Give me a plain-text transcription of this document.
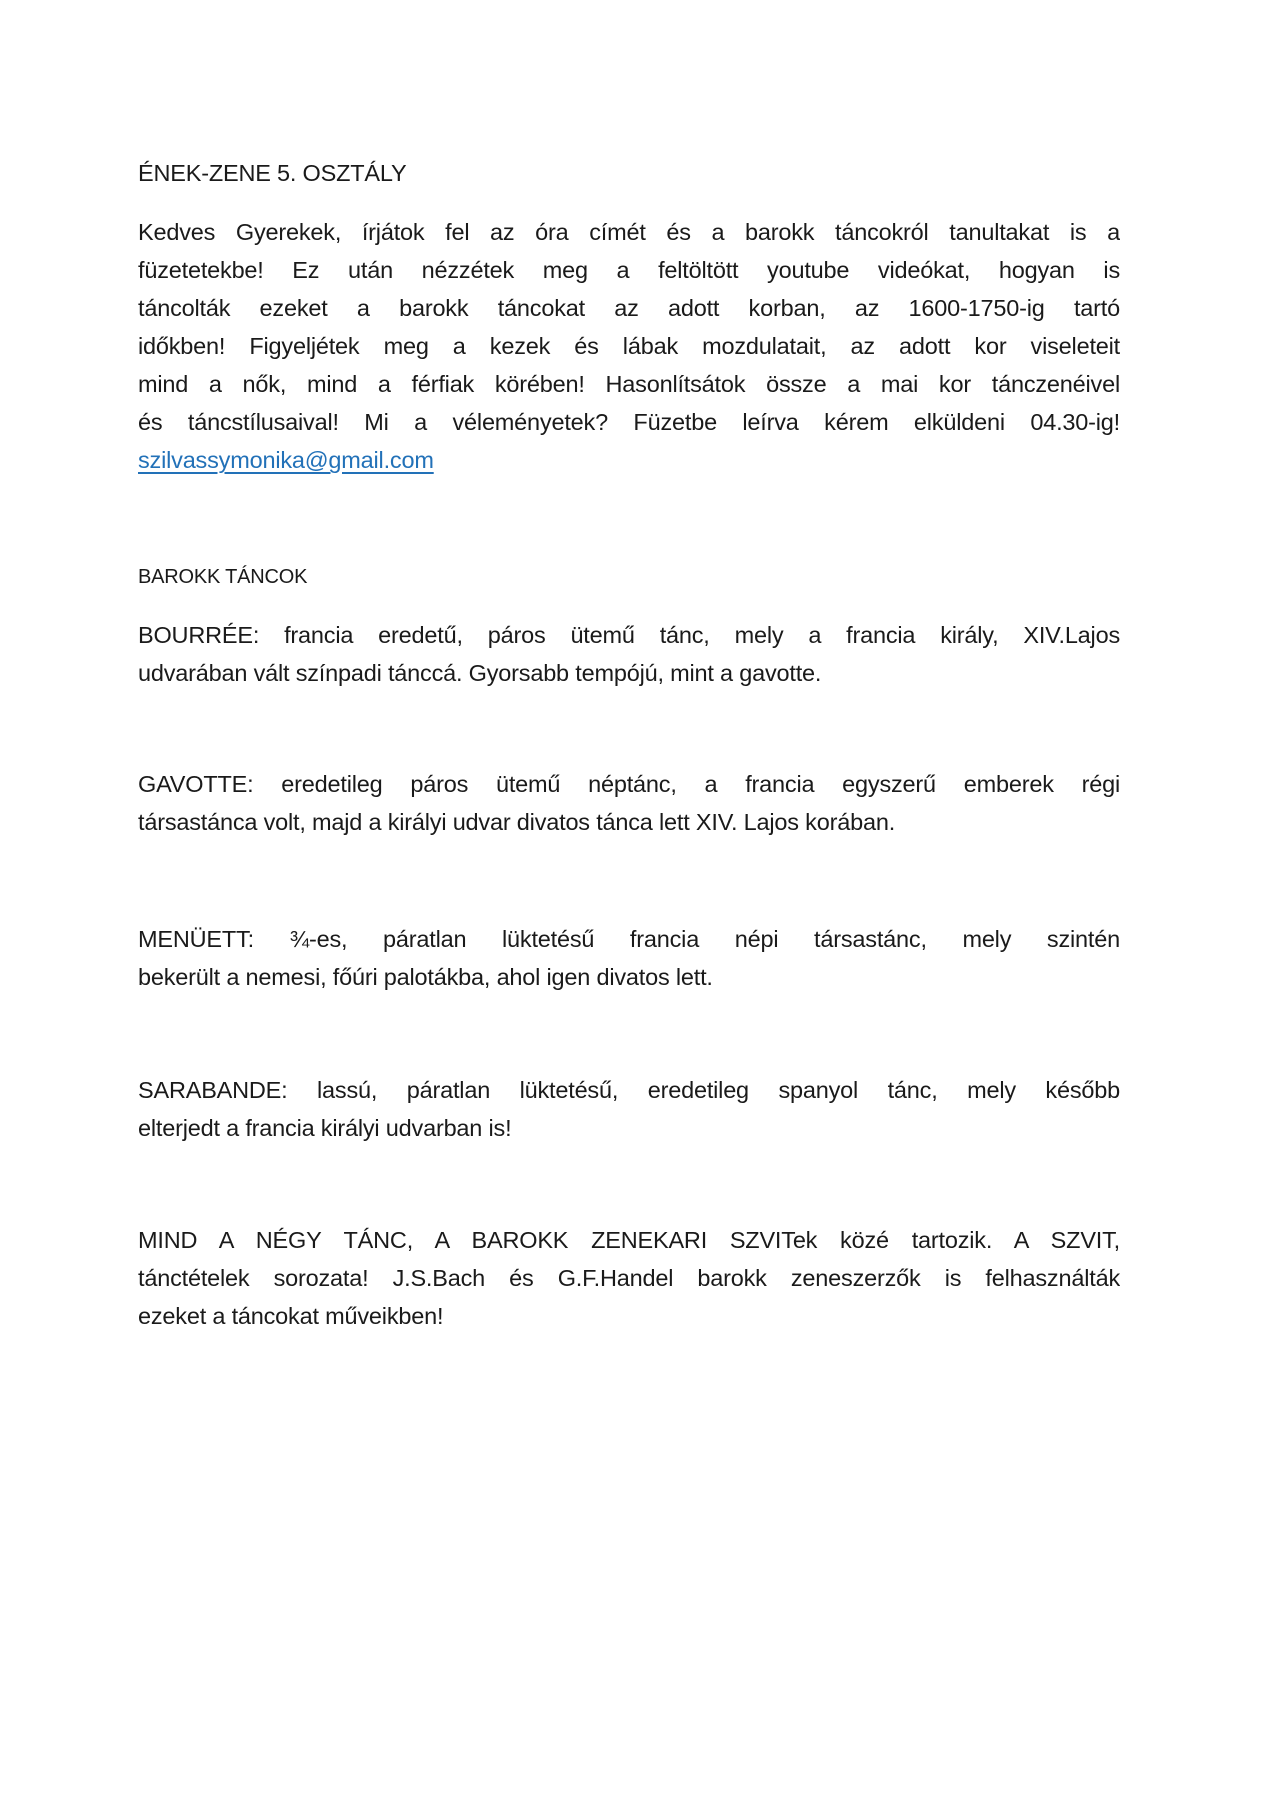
ÉNEK-ZENE 5. OSZTÁLY
Kedves Gyerekek, írjátok fel az óra címét és a barokk táncokról tanultakat is a
füzetetekbe! Ez után nézzétek meg a feltöltött youtube videókat, hogyan is
táncolták ezeket a barokk táncokat az adott korban, az 1600-1750-ig tartó
időkben! Figyeljétek meg a kezek és lábak mozdulatait, az adott kor viseleteit
mind a nők, mind a férfiak körében! Hasonlítsátok össze a mai kor tánczenéivel
és táncstílusaival! Mi a véleményetek? Füzetbe leírva kérem elküldeni 04.30-ig!
szilvassymonika@gmail.com
BAROKK TÁNCOK
BOURRÉE: francia eredetű, páros ütemű tánc, mely a francia király, XIV.Lajos
udvarában vált színpadi tánccá. Gyorsabb tempójú, mint a gavotte.
GAVOTTE: eredetileg páros ütemű néptánc, a francia egyszerű emberek régi
társastánca volt, majd a királyi udvar divatos tánca lett XIV. Lajos korában.
MENÜETT: ¾-es, páratlan lüktetésű francia népi társastánc, mely szintén
bekerült a nemesi, főúri palotákba, ahol igen divatos lett.
SARABANDE: lassú, páratlan lüktetésű, eredetileg spanyol tánc, mely később
elterjedt a francia királyi udvarban is!
MIND A NÉGY TÁNC, A BAROKK ZENEKARI SZVITek közé tartozik. A SZVIT,
tánctételek sorozata! J.S.Bach és G.F.Handel barokk zeneszerzők is felhasználták
ezeket a táncokat műveikben!
